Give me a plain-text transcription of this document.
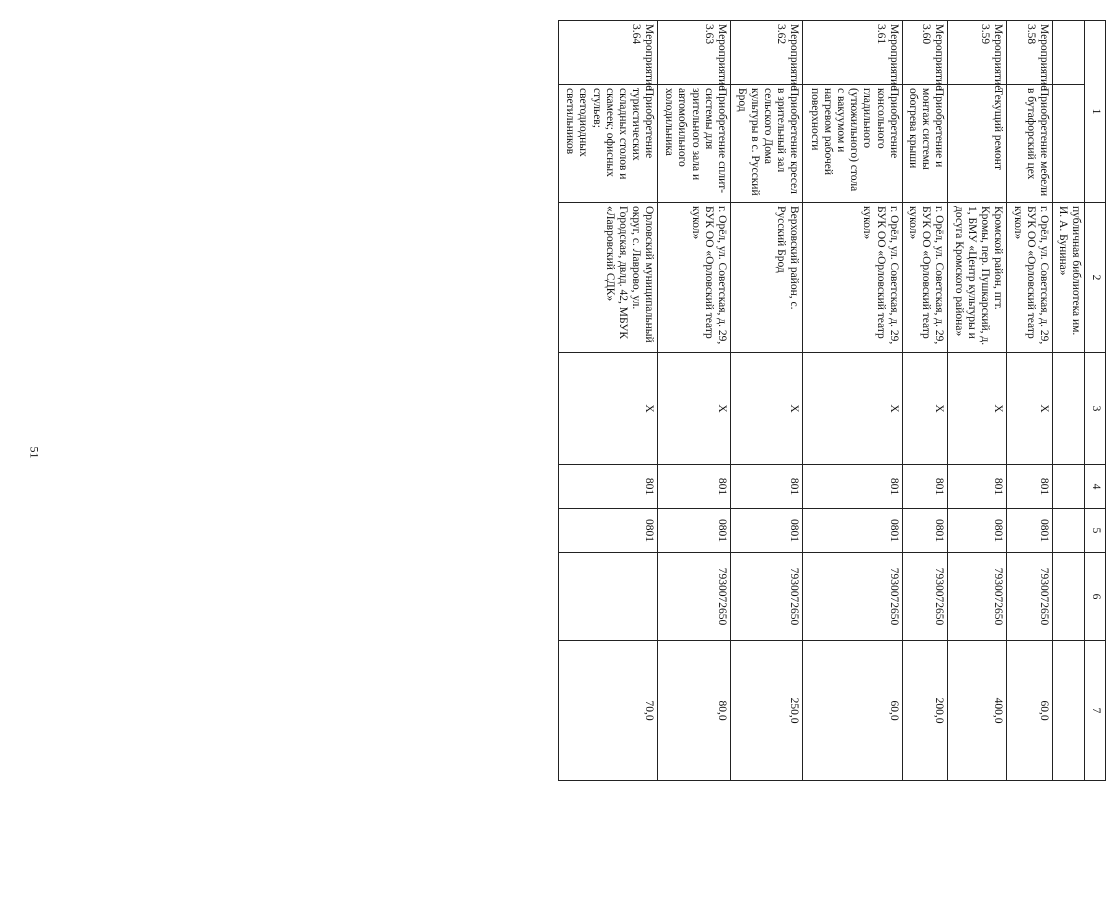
51
1		2	3	4	5	6	7
		публичная библиотека им. И. А. Бунина»					
Мероприятие 3.58	Приобретение мебели в бутафорский цех	г. Орёл, ул. Советская, д. 29, БУК ОО «Орловский театр кукол»	X	801	0801	7930072650	60,0
Мероприятие 3.59	Текущий ремонт	Кромской район, пгт. Кромы, пер. Пушкарский, д. 1, БМУ «Центр культуры и досуга Кромского района»	X	801	0801	7930072650	400,0
Мероприятие 3.60	Приобретение и монтаж системы обогрева крыши	г. Орёл, ул. Советская, д. 29, БУК ОО «Орловский театр кукол»	X	801	0801	7930072650	200,0
Мероприятие 3.61	Приобретение консольного гладильного (утюжильного) стола с вакуумом и нагревом рабочей поверхности	г. Орёл, ул. Советская, д. 29, БУК ОО «Орловский театр кукол»	X	801	0801	7930072650	60,0
Мероприятие 3.62	Приобретение кресел в зрительный зал сельского Дома культуры в с. Русский Брод	Верховский район, с. Русский Брод	X	801	0801	7930072650	250,0
Мероприятие 3.63	Приобретение сплит-системы для зрительного зала и автомобильного холодильника	г. Орёл, ул. Советская, д. 29, БУК ОО «Орловский театр кукол»	X	801	0801	7930072650	80,0
Мероприятие 3.64	Приобретение туристических складных столов и скамеек; офисных стульев; светодиодных светильников	Орловский муниципальный округ, с. Лаврово, ул. Городская, двлд. 42, МБУК «Лавровский СДК»	X	801	0801		70,0
